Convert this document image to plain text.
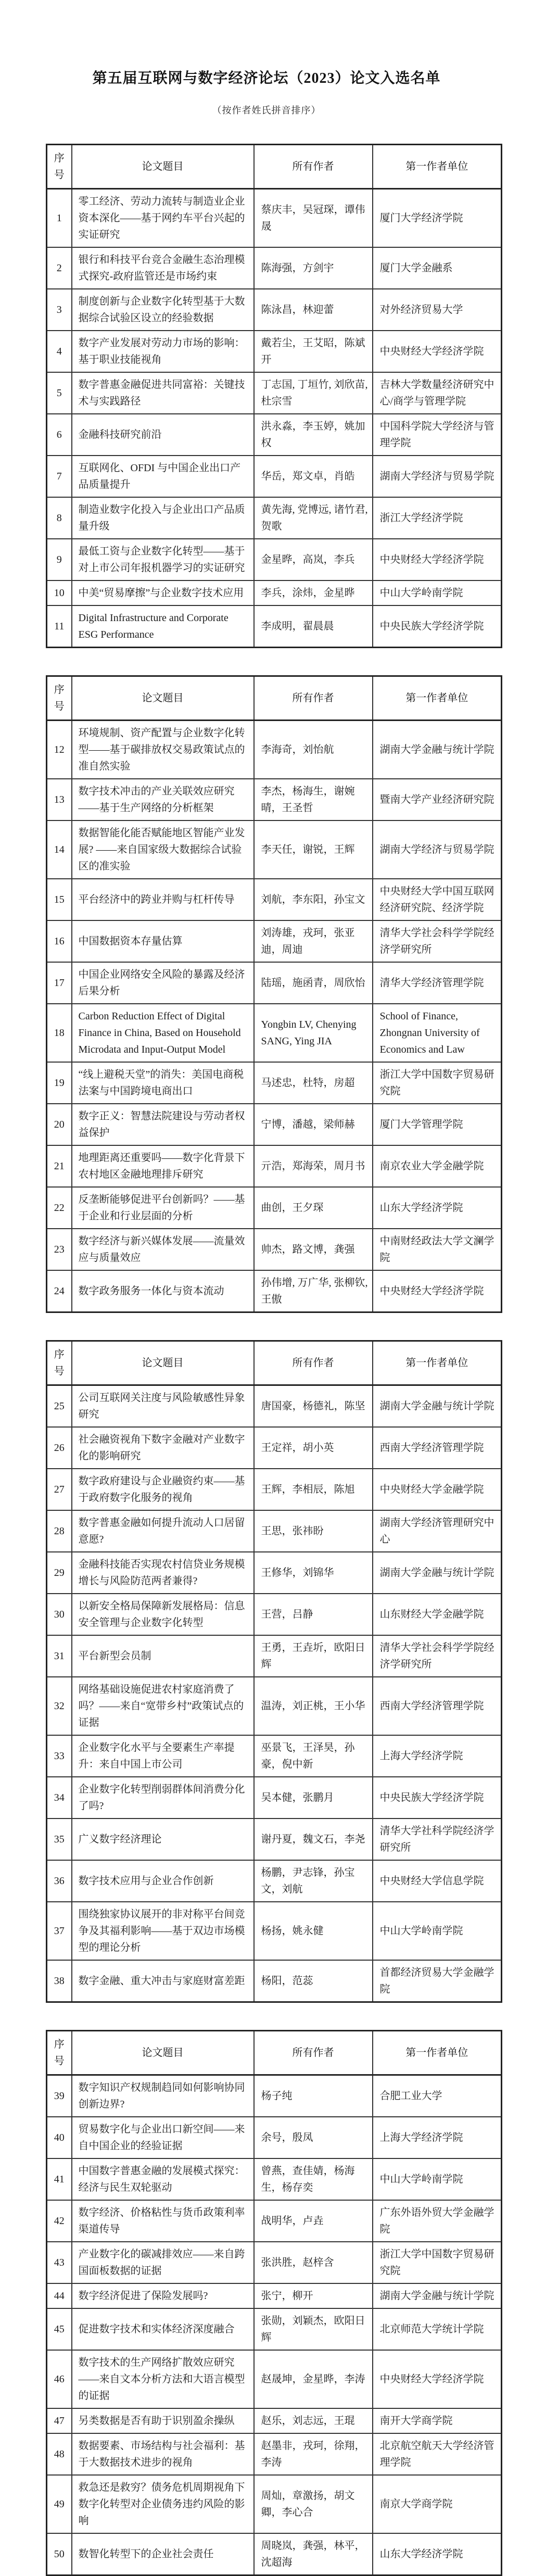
第五届互联网与数字经济论坛（2023）论文入选名单
（按作者姓氏拼音排序）
序号	论文题目	所有作者	第一作者单位
1	零工经济、劳动力流转与制造业企业资本深化——基于网约车平台兴起的实证研究	蔡庆丰，吴冠琛，谭伟晟	厦门大学经济学院
2	银行和科技平台竞合金融生态治理模式探究-政府监管还是市场约束	陈海强，方剑宇	厦门大学金融系
3	制度创新与企业数字化转型基于大数据综合试验区设立的经验数据	陈泳昌，林迎蕾	对外经济贸易大学
4	数字产业发展对劳动力市场的影响：基于职业技能视角	戴若尘，王艾昭，陈斌开	中央财经大学经济学院
5	数字普惠金融促进共同富裕：关键技术与实践路径	丁志国, 丁垣竹, 刘欣苗, 杜宗雪	吉林大学数量经济研究中心/商学与管理学院
6	金融科技研究前沿	洪永淼，李玉婷，姚加权	中国科学院大学经济与管理学院
7	互联网化、OFDI 与中国企业出口产品质量提升	华岳，郑文卓，肖皓	湖南大学经济与贸易学院
8	制造业数字化投入与企业出口产品质量升级	黄先海, 党博远, 诸竹君, 贺歌	浙江大学经济学院
9	最低工资与企业数字化转型——基于对上市公司年报机器学习的实证研究	金星晔，高岚，李兵	中央财经大学经济学院
10	中美“贸易摩擦”与企业数字技术应用	李兵，涂炜，金星晔	中山大学岭南学院
11	Digital Infrastructure and Corporate ESG Performance	李成明，翟晨晨	中央民族大学经济学院
序号	论文题目	所有作者	第一作者单位
12	环境规制、资产配置与企业数字化转型——基于碳排放权交易政策试点的准自然实验	李海奇，刘怡航	湖南大学金融与统计学院
13	数字技术冲击的产业关联效应研究——基于生产网络的分析框架	李杰，杨海生，谢婉晴，王圣哲	暨南大学产业经济研究院
14	数据智能化能否赋能地区智能产业发展? ——来自国家级大数据综合试验区的准实验	李天任，谢锐，王辉	湖南大学经济与贸易学院
15	平台经济中的跨业并购与杠杆传导	刘航，李东阳，孙宝文	中央财经大学中国互联网经济研究院、经济学院
16	中国数据资本存量估算	刘涛雄，戎珂，张亚迪，周迪	清华大学社会科学学院经济学研究所
17	中国企业网络安全风险的暴露及经济后果分析	陆瑶，施函青，周欣怡	清华大学经济管理学院
18	Carbon Reduction Effect of Digital Finance in China, Based on Household Microdata and Input-Output Model	Yongbin LV, Chenying SANG, Ying JIA	School of Finance, Zhongnan University of Economics and Law
19	“线上避税天堂”的消失：美国电商税法案与中国跨境电商出口	马述忠，杜特，房超	浙江大学中国数字贸易研究院
20	数字正义：智慧法院建设与劳动者权益保护	宁博，潘越，梁师赫	厦门大学管理学院
21	地理距离还重要吗——数字化背景下农村地区金融地理排斥研究	亓浩，郑海荣，周月书	南京农业大学金融学院
22	反垄断能够促进平台创新吗？——基于企业和行业层面的分析	曲创，王夕琛	山东大学经济学院
23	数字经济与新兴媒体发展——流量效应与质量效应	帅杰，路文博，龚强	中南财经政法大学文澜学院
24	数字政务服务一体化与资本流动	孙伟增, 万广华, 张柳钦, 王傲	中央财经大学经济学院
序号	论文题目	所有作者	第一作者单位
25	公司互联网关注度与风险敏感性异象研究	唐国豪，杨德礼，陈坚	湖南大学金融与统计学院
26	社会融资视角下数字金融对产业数字化的影响研究	王定祥，胡小英	西南大学经济管理学院
27	数字政府建设与企业融资约束——基于政府数字化服务的视角	王辉，李相辰，陈旭	中央财经大学金融学院
28	数字普惠金融如何提升流动人口居留意愿?	王思，张祎盼	湖南大学经济管理研究中心
29	金融科技能否实现农村信贷业务规模增长与风险防范两者兼得?	王修华，刘锦华	湖南大学金融与统计学院
30	以新安全格局保障新发展格局：信息安全管理与企业数字化转型	王营，吕静	山东财经大学金融学院
31	平台新型会员制	王勇，王垚圻，欧阳日辉	清华大学社会科学学院经济学研究所
32	网络基础设施促进农村家庭消费了吗？——来自“宽带乡村”政策试点的证据	温涛，刘正桃，王小华	西南大学经济管理学院
33	企业数字化水平与全要素生产率提升：来自中国上市公司	巫景飞，王泽昊，孙豪，倪中新	上海大学经济学院
34	企业数字化转型削弱群体间消费分化了吗?	吴本健，张鹏月	中央民族大学经济学院
35	广义数字经济理论	谢丹夏，魏文石，李尧	清华大学社科学院经济学研究所
36	数字技术应用与企业合作创新	杨鹏，尹志锋，孙宝文，刘航	中央财经大学信息学院
37	围绕独家协议展开的非对称平台间竞争及其福利影响——基于双边市场模型的理论分析	杨扬，姚永健	中山大学岭南学院
38	数字金融、重大冲击与家庭财富差距	杨阳，范蕊	首都经济贸易大学金融学院
序号	论文题目	所有作者	第一作者单位
39	数字知识产权规制趋同如何影响协同创新边界?	杨子纯	合肥工业大学
40	贸易数字化与企业出口新空间——来自中国企业的经验证据	余号，殷凤	上海大学经济学院
41	中国数字普惠金融的发展模式探究：经济与民生双轮驱动	曾燕，查佳婧，杨海生，杨存奕	中山大学岭南学院
42	数字经济、价格粘性与货币政策利率渠道传导	战明华，卢垚	广东外语外贸大学金融学院
43	产业数字化的碳减排效应——来自跨国面板数据的证据	张洪胜，赵梓含	浙江大学中国数字贸易研究院
44	数字经济促进了保险发展吗?	张宁，柳开	湖南大学金融与统计学院
45	促进数字技术和实体经济深度融合	张勋，刘颖杰，欧阳日辉	北京师范大学统计学院
46	数字技术的生产网络扩散效应研究——来自文本分析方法和大语言模型的证据	赵晟坤，金星晔，李涛	中央财经大学经济学院
47	另类数据是否有助于识别盈余操纵	赵乐，刘志远，王琨	南开大学商学院
48	数据要素、市场结构与社会福利：基于大数据技术进步的视角	赵墨非，戎珂，徐翔，李涛	北京航空航天大学经济管理学院
49	救急还是救穷？债务危机周期视角下数字化转型对企业债务违约风险的影响	周灿，章激扬，胡文卿，李心合	南京大学商学院
50	数智化转型下的企业社会责任	周晓岚，龚强，林平，沈超海	山东大学经济学院
